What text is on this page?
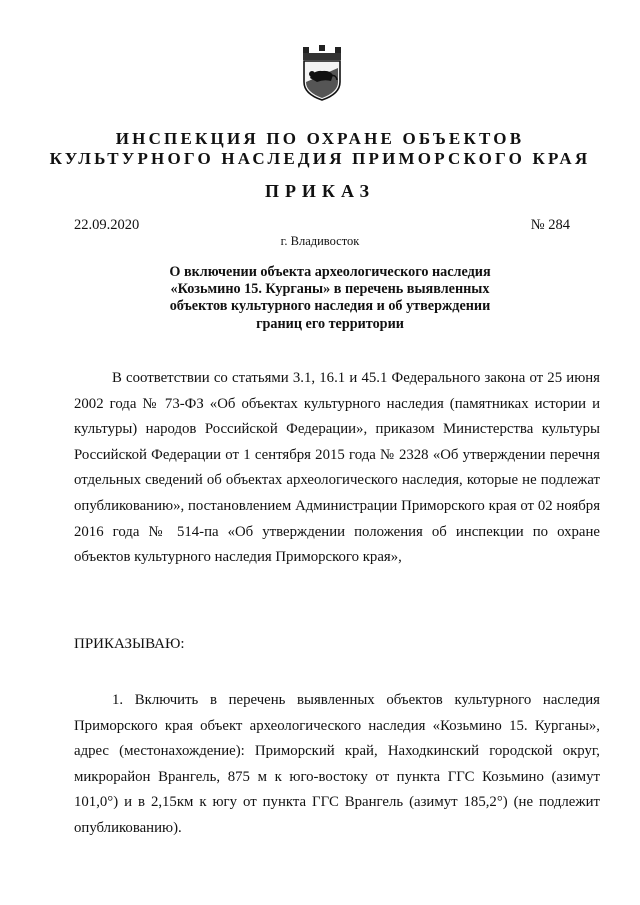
ИНСПЕКЦИЯ ПО ОХРАНЕ ОБЪЕКТОВ
КУЛЬТУРНОГО НАСЛЕДИЯ ПРИМОРСКОГО КРАЯ
ПРИКАЗ
22.09.2020	№ 284
г. Владивосток
О включении объекта археологического наследия «Козьмино 15. Курганы» в перечень выявленных объектов культурного наследия и об утверждении границ его территории

В соответствии со статьями 3.1, 16.1 и 45.1 Федерального закона от 25 июня 2002 года № 73-ФЗ «Об объектах культурного наследия (памятниках истории и культуры) народов Российской Федерации», приказом Министерства культуры Российской Федерации от 1 сентября 2015 года № 2328 «Об утверждении перечня отдельных сведений об объектах археологического наследия, которые не подлежат опубликованию», постановлением Администрации Приморского края от 02 ноября 2016 года № 514-па «Об утверждении положения об инспекции по охране объектов культурного наследия Приморского края»,

ПРИКАЗЫВАЮ:

1. Включить в перечень выявленных объектов культурного наследия Приморского края объект археологического наследия «Козьмино 15. Курганы», адрес (местонахождение): Приморский край, Находкинский городской округ, микрорайон Врангель, 875 м к юго-востоку от пункта ГГС Козьмино (азимут 101,0°) и в 2,15км к югу от пункта ГГС Врангель (азимут 185,2°) (не подлежит опубликованию).
